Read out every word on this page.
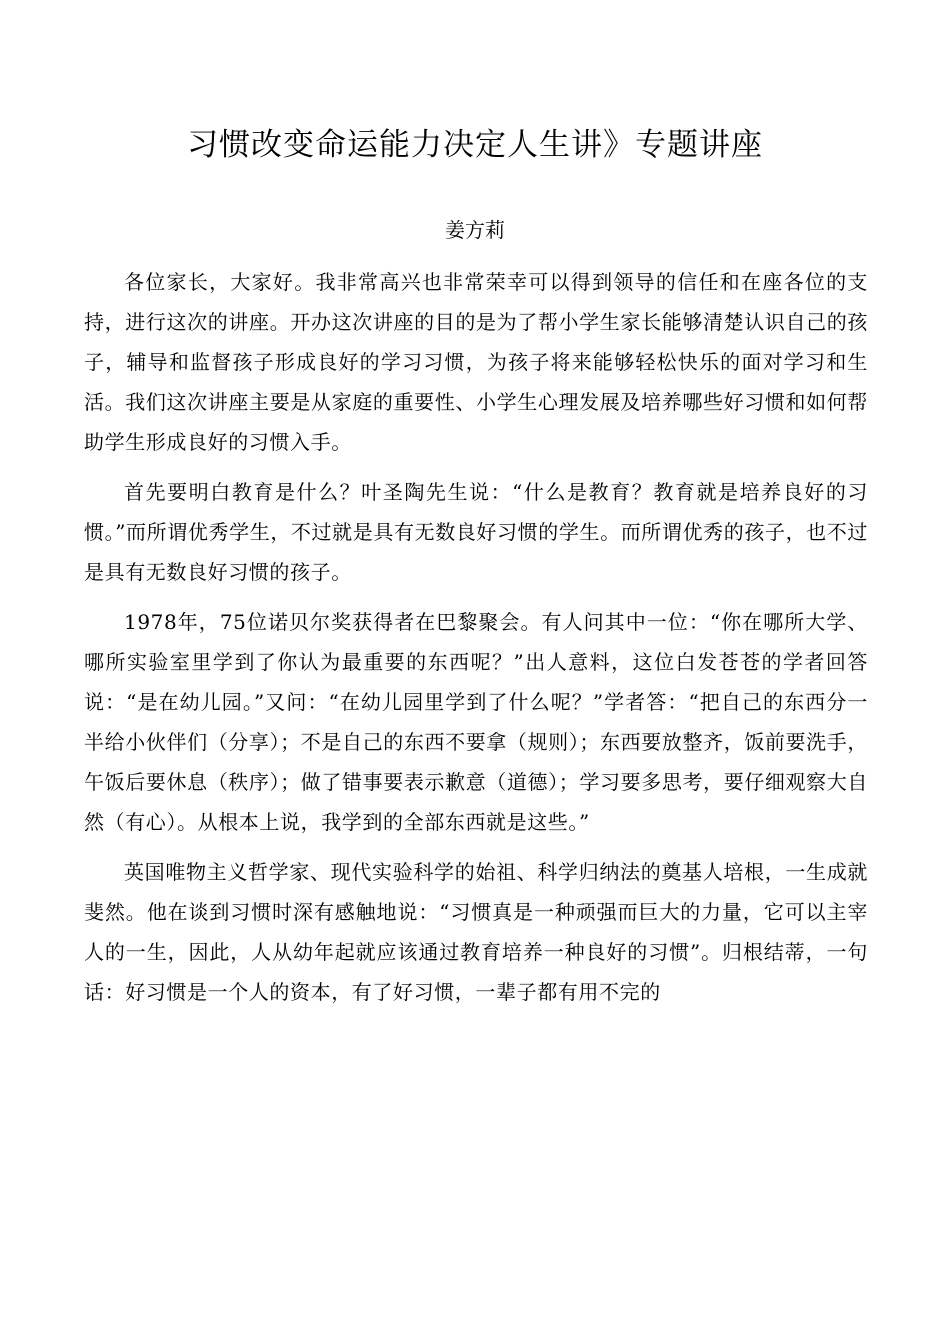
习惯改变命运能力决定人生讲》专题讲座
姜方莉

各位家长，大家好。我非常高兴也非常荣幸可以得到领导的信任和在座各位的支持，进行这次的讲座。开办这次讲座的目的是为了帮小学生家长能够清楚认识自己的孩子，辅导和监督孩子形成良好的学习习惯，为孩子将来能够轻松快乐的面对学习和生活。我们这次讲座主要是从家庭的重要性、小学生心理发展及培养哪些好习惯和如何帮助学生形成良好的习惯入手。

首先要明白教育是什么？叶圣陶先生说：“什么是教育？教育就是培养良好的习惯。”而所谓优秀学生，不过就是具有无数良好习惯的学生。而所谓优秀的孩子，也不过是具有无数良好习惯的孩子。

1978年，75位诺贝尔奖获得者在巴黎聚会。有人问其中一位：“你在哪所大学、哪所实验室里学到了你认为最重要的东西呢？”出人意料，这位白发苍苍的学者回答说：“是在幼儿园。”又问：“在幼儿园里学到了什么呢？”学者答：“把自己的东西分一半给小伙伴们（分享）；不是自己的东西不要拿（规则）；东西要放整齐，饭前要洗手，午饭后要休息（秩序）；做了错事要表示歉意（道德）；学习要多思考，要仔细观察大自然（有心）。从根本上说，我学到的全部东西就是这些。”

英国唯物主义哲学家、现代实验科学的始祖、科学归纳法的奠基人培根，一生成就斐然。他在谈到习惯时深有感触地说：“习惯真是一种顽强而巨大的力量，它可以主宰人的一生，因此，人从幼年起就应该通过教育培养一种良好的习惯”。归根结蒂，一句话：好习惯是一个人的资本，有了好习惯，一辈子都有用不完的
